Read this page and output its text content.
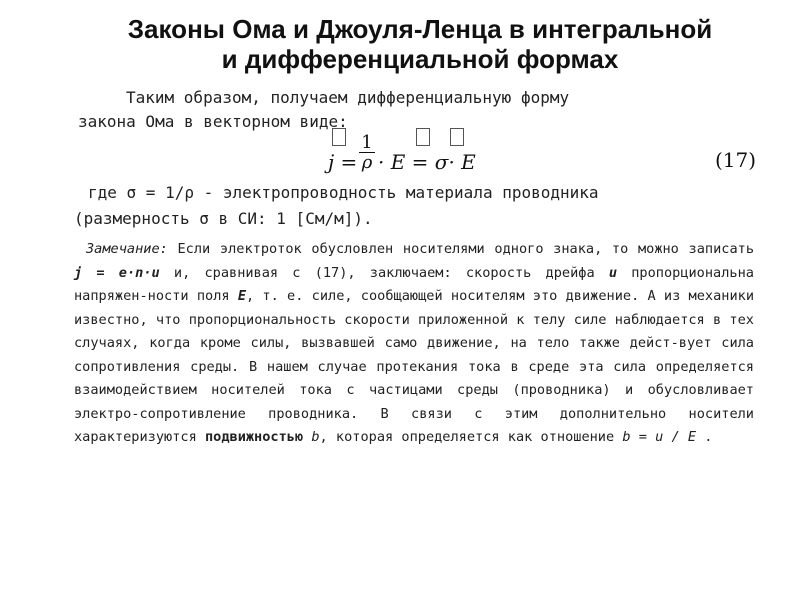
Законы Ома и Джоуля-Ленца в интегральной
и дифференциальной формах
Таким образом, получаем дифференциальную форму
закона Ома в векторном виде:
j =
1
ρ · E = σ· E	(17)
где σ = 1/ρ - электропроводность материала проводника
(размерность σ в СИ: 1 [См/м]).
Замечание: Если электроток обусловлен носителями одного знака, то можно записать j = e·n·u и, сравнивая с (17), заключаем: скорость дрейфа u пропорциональна напряжен-ности поля E, т. е. силе, сообщающей носителям это движение. А из механики известно, что пропорциональность скорости приложенной к телу силе наблюдается в тех случаях, когда кроме силы, вызвавшей само движение, на тело также дейст-вует сила сопротивления среды. В нашем случае протекания тока в среде эта сила определяется взаимодействием носителей тока с частицами среды (проводника) и обусловливает электро-сопротивление проводника. В связи с этим дополнительно носители характеризуются подвижностью b, которая определяется как отношение b = u / E .
